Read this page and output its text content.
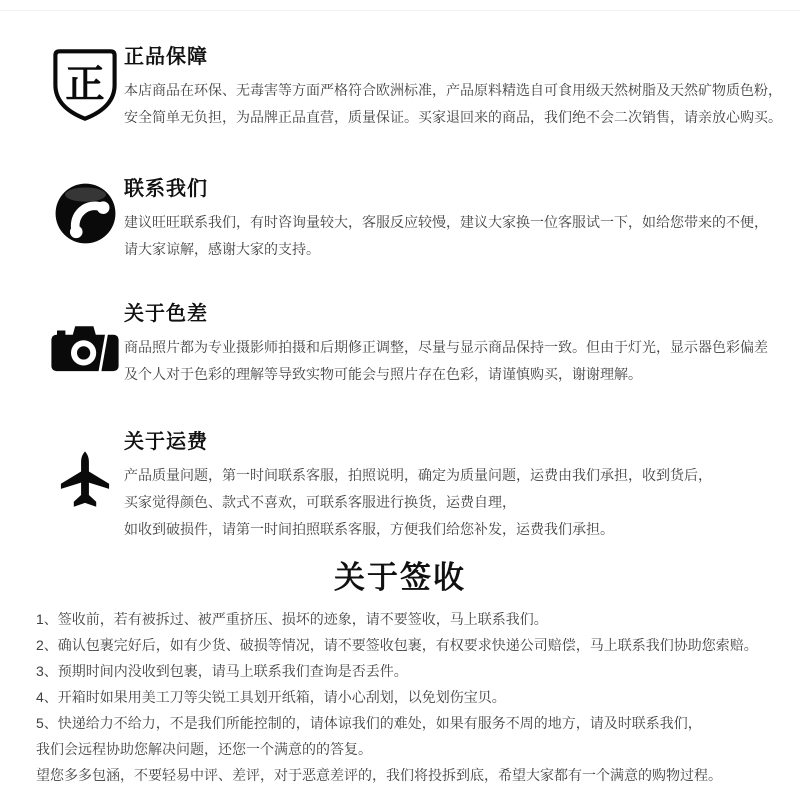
正
正品保障
本店商品在环保、无毒害等方面严格符合欧洲标准，产品原料精选自可食用级天然树脂及天然矿物质色粉，
安全简单无负担，为品牌正品直营，质量保证。买家退回来的商品，我们绝不会二次销售，请亲放心购买。
联系我们
建议旺旺联系我们，有时咨询量较大，客服反应较慢，建议大家换一位客服试一下，如给您带来的不便，
请大家谅解，感谢大家的支持。
关于色差
商品照片都为专业摄影师拍摄和后期修正调整，尽量与显示商品保持一致。但由于灯光，显示器色彩偏差
及个人对于色彩的理解等导致实物可能会与照片存在色彩，请谨慎购买，谢谢理解。
关于运费
产品质量问题，第一时间联系客服，拍照说明，确定为质量问题，运费由我们承担，收到货后，
买家觉得颜色、款式不喜欢，可联系客服进行换货，运费自理，
如收到破损件，请第一时间拍照联系客服，方便我们给您补发，运费我们承担。
关于签收
1、签收前，若有被拆过、被严重挤压、损坏的迹象，请不要签收，马上联系我们。
2、确认包裹完好后，如有少货、破损等情况，请不要签收包裹，有权要求快递公司赔偿，马上联系我们协助您索赔。
3、预期时间内没收到包裹，请马上联系我们查询是否丢件。
4、开箱时如果用美工刀等尖锐工具划开纸箱，请小心刮划，以免划伤宝贝。
5、快递给力不给力，不是我们所能控制的，请体谅我们的难处，如果有服务不周的地方，请及时联系我们，
我们会远程协助您解决问题，还您一个满意的的答复。
望您多多包涵，不要轻易中评、差评，对于恶意差评的，我们将投拆到底，希望大家都有一个满意的购物过程。
